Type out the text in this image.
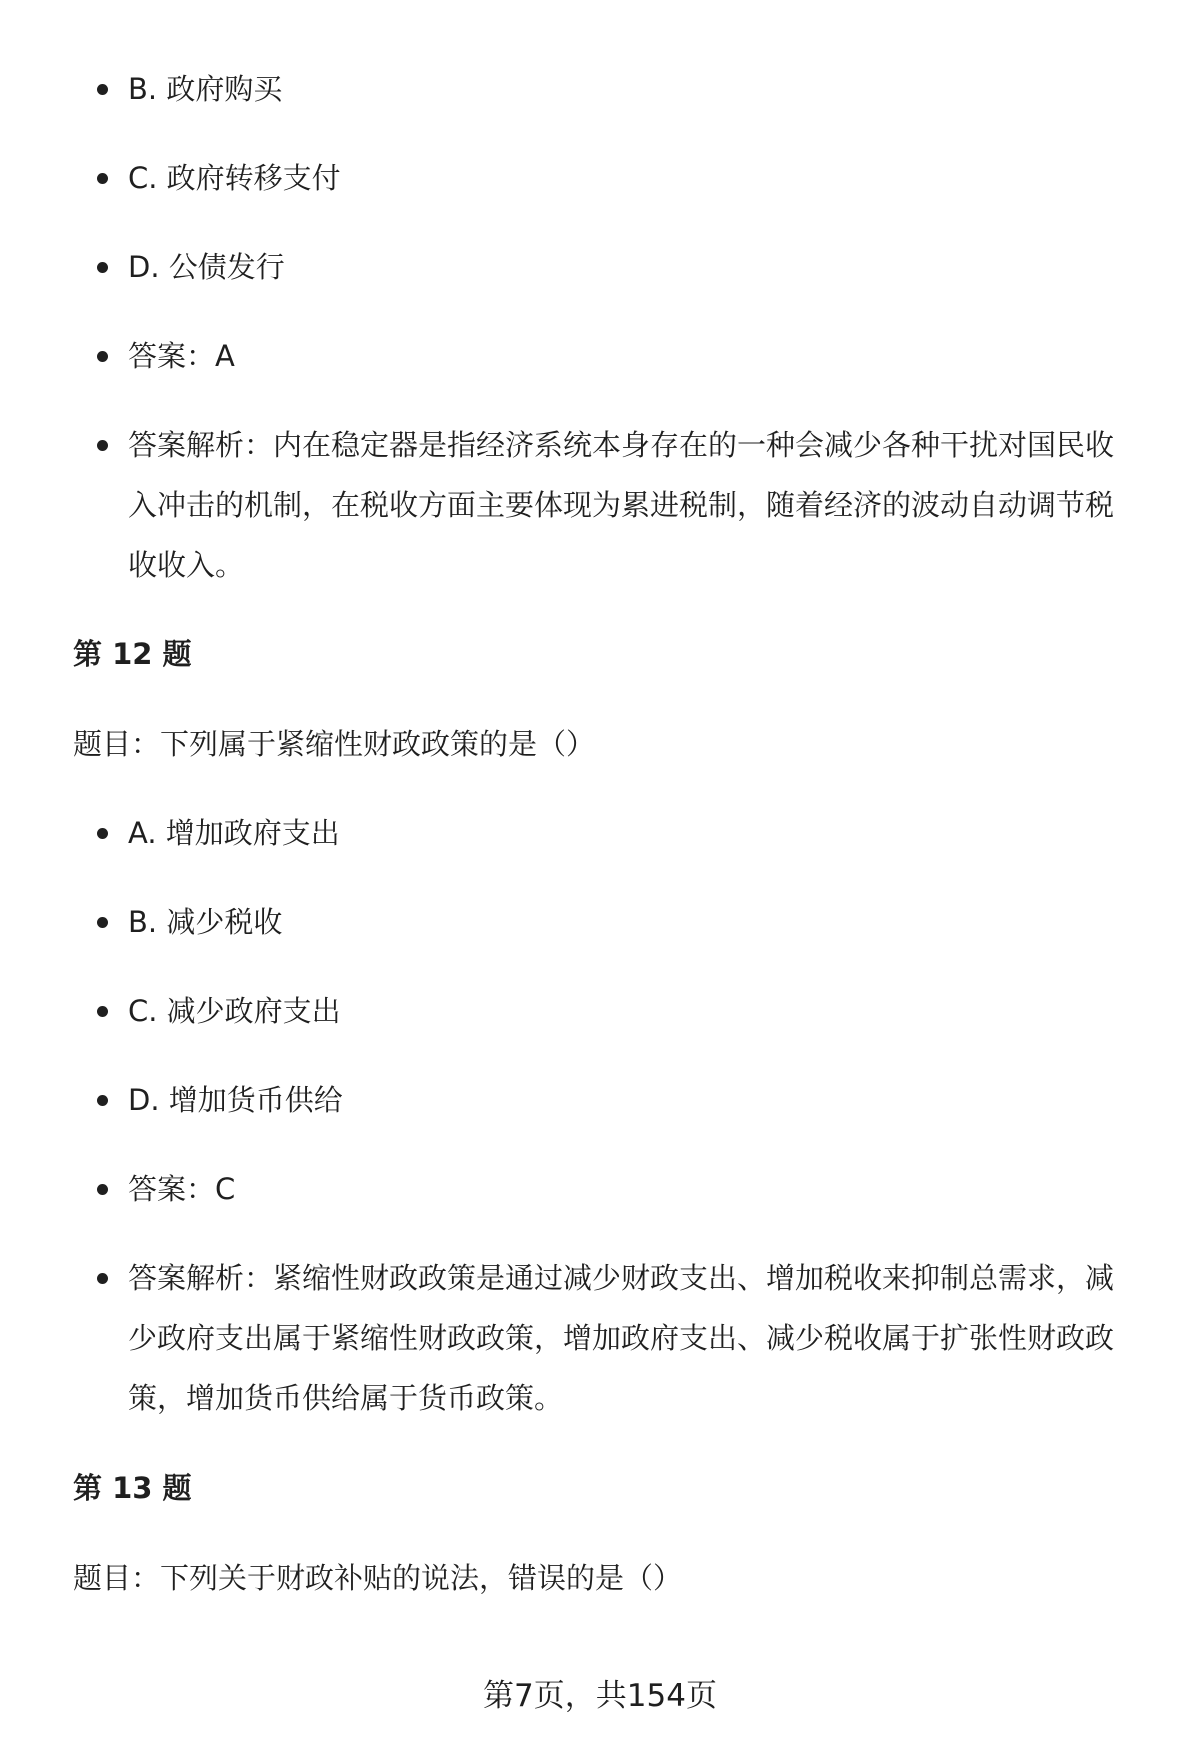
B. 政府购买
C. 政府转移支付
D. 公债发行
答案：A
答案解析：内在稳定器是指经济系统本身存在的一种会减少各种干扰对国民收入冲击的机制，在税收方面主要体现为累进税制，随着经济的波动自动调节税收收入。
第 12 题
题目：下列属于紧缩性财政政策的是（）
A. 增加政府支出
B. 减少税收
C. 减少政府支出
D. 增加货币供给
答案：C
答案解析：紧缩性财政政策是通过减少财政支出、增加税收来抑制总需求，减少政府支出属于紧缩性财政政策，增加政府支出、减少税收属于扩张性财政政策，增加货币供给属于货币政策。
第 13 题
题目：下列关于财政补贴的说法，错误的是（）
第7页，共154页
